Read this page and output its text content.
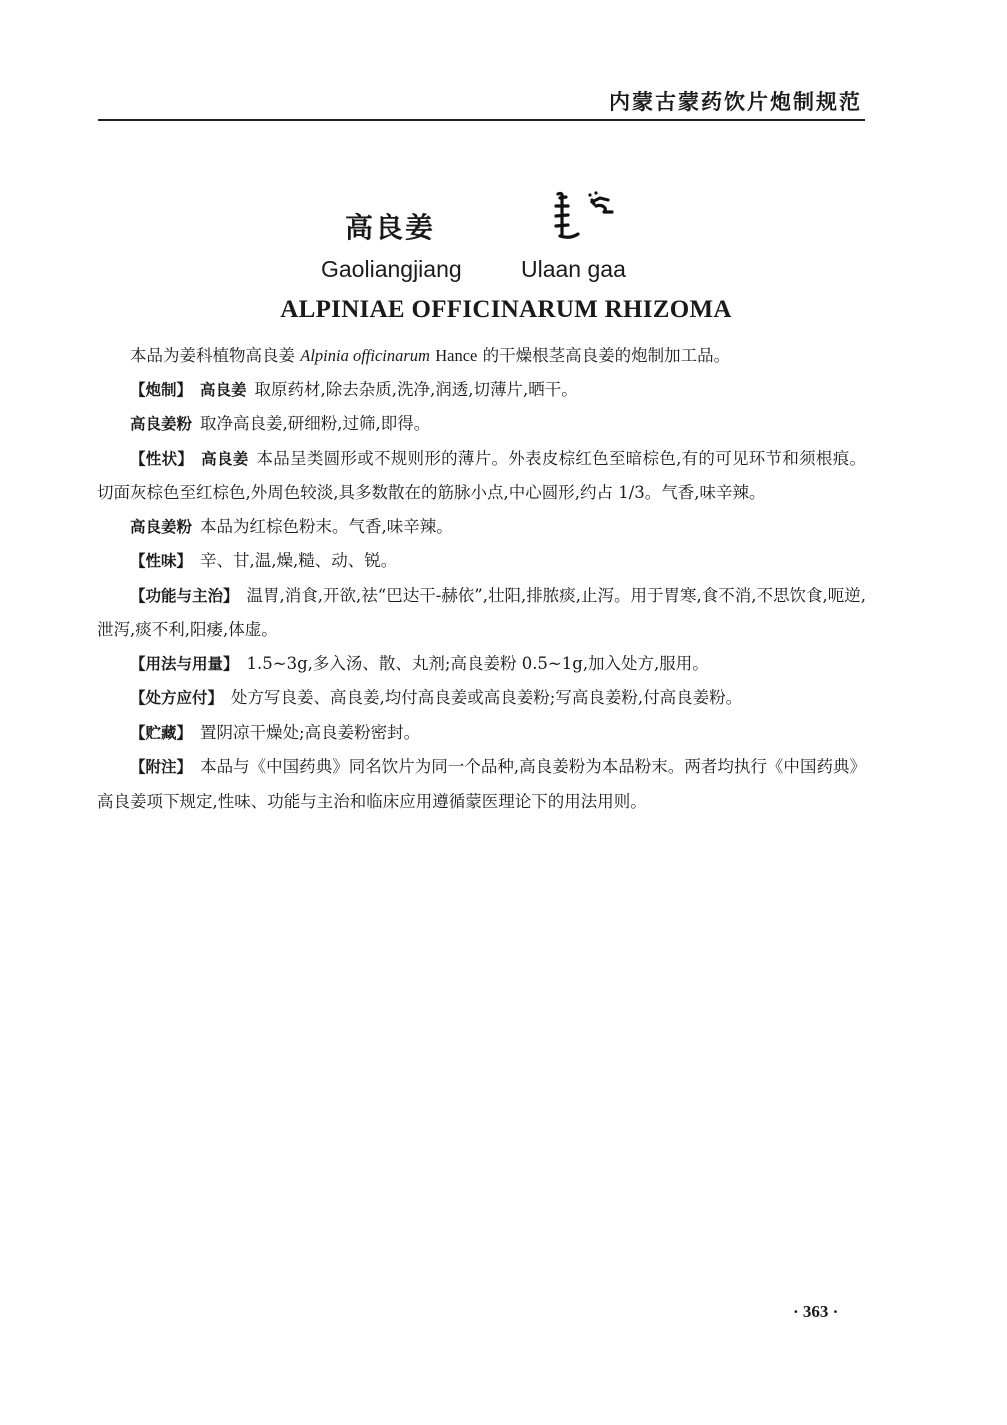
内蒙古蒙药饮片炮制规范
高良姜
Gaoliangjiang	Ulaan gaa
ALPINIAE OFFICINARUM RHIZOMA

本品为姜科植物高良姜 Alpinia officinarum Hance 的干燥根茎高良姜的炮制加工品。

【炮制】 高良姜 取原药材,除去杂质,洗净,润透,切薄片,晒干。

高良姜粉 取净高良姜,研细粉,过筛,即得。

【性状】 高良姜 本品呈类圆形或不规则形的薄片。外表皮棕红色至暗棕色,有的可见环节和须根痕。切面灰棕色至红棕色,外周色较淡,具多数散在的筋脉小点,中心圆形,约占 1/3。气香,味辛辣。

高良姜粉 本品为红棕色粉末。气香,味辛辣。

【性味】 辛、甘,温,燥,糙、动、锐。

【功能与主治】 温胃,消食,开欲,祛“巴达干-赫依”,壮阳,排脓痰,止泻。用于胃寒,食不消,不思饮食,呃逆,泄泻,痰不利,阳痿,体虚。

【用法与用量】 1.5~3g,多入汤、散、丸剂;高良姜粉 0.5~1g,加入处方,服用。

【处方应付】 处方写良姜、高良姜,均付高良姜或高良姜粉;写高良姜粉,付高良姜粉。

【贮藏】 置阴凉干燥处;高良姜粉密封。

【附注】 本品与《中国药典》同名饮片为同一个品种,高良姜粉为本品粉末。两者均执行《中国药典》高良姜项下规定,性味、功能与主治和临床应用遵循蒙医理论下的用法用则。

· 363 ·
